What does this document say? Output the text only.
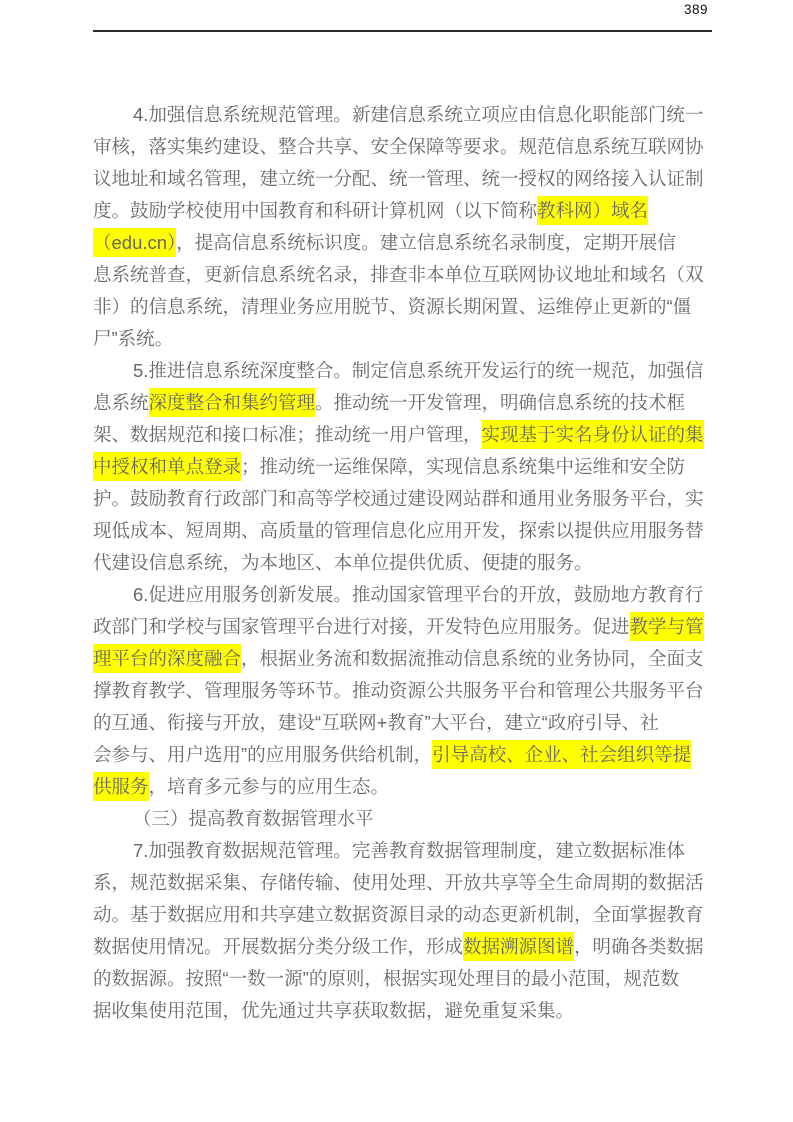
389
4.加强信息系统规范管理。新建信息系统立项应由信息化职能部门统一
审核，落实集约建设、整合共享、安全保障等要求。规范信息系统互联网协
议地址和域名管理，建立统一分配、统一管理、统一授权的网络接入认证制
度。鼓励学校使用中国教育和科研计算机网（以下简称教科网）域名
（edu.cn），提高信息系统标识度。建立信息系统名录制度，定期开展信
息系统普查，更新信息系统名录，排查非本单位互联网协议地址和域名（双
非）的信息系统，清理业务应用脱节、资源长期闲置、运维停止更新的“僵
尸”系统。
5.推进信息系统深度整合。制定信息系统开发运行的统一规范，加强信
息系统深度整合和集约管理。推动统一开发管理，明确信息系统的技术框
架、数据规范和接口标准；推动统一用户管理，实现基于实名身份认证的集
中授权和单点登录；推动统一运维保障，实现信息系统集中运维和安全防
护。鼓励教育行政部门和高等学校通过建设网站群和通用业务服务平台，实
现低成本、短周期、高质量的管理信息化应用开发，探索以提供应用服务替
代建设信息系统，为本地区、本单位提供优质、便捷的服务。
6.促进应用服务创新发展。推动国家管理平台的开放，鼓励地方教育行
政部门和学校与国家管理平台进行对接，开发特色应用服务。促进教学与管
理平台的深度融合，根据业务流和数据流推动信息系统的业务协同，全面支
撑教育教学、管理服务等环节。推动资源公共服务平台和管理公共服务平台
的互通、衔接与开放，建设“互联网+教育”大平台，建立“政府引导、社
会参与、用户选用”的应用服务供给机制，引导高校、企业、社会组织等提
供服务，培育多元参与的应用生态。
（三）提高教育数据管理水平
7.加强教育数据规范管理。完善教育数据管理制度，建立数据标准体
系，规范数据采集、存储传输、使用处理、开放共享等全生命周期的数据活
动。基于数据应用和共享建立数据资源目录的动态更新机制，全面掌握教育
数据使用情况。开展数据分类分级工作，形成数据溯源图谱，明确各类数据
的数据源。按照“一数一源”的原则，根据实现处理目的最小范围，规范数
据收集使用范围，优先通过共享获取数据，避免重复采集。
